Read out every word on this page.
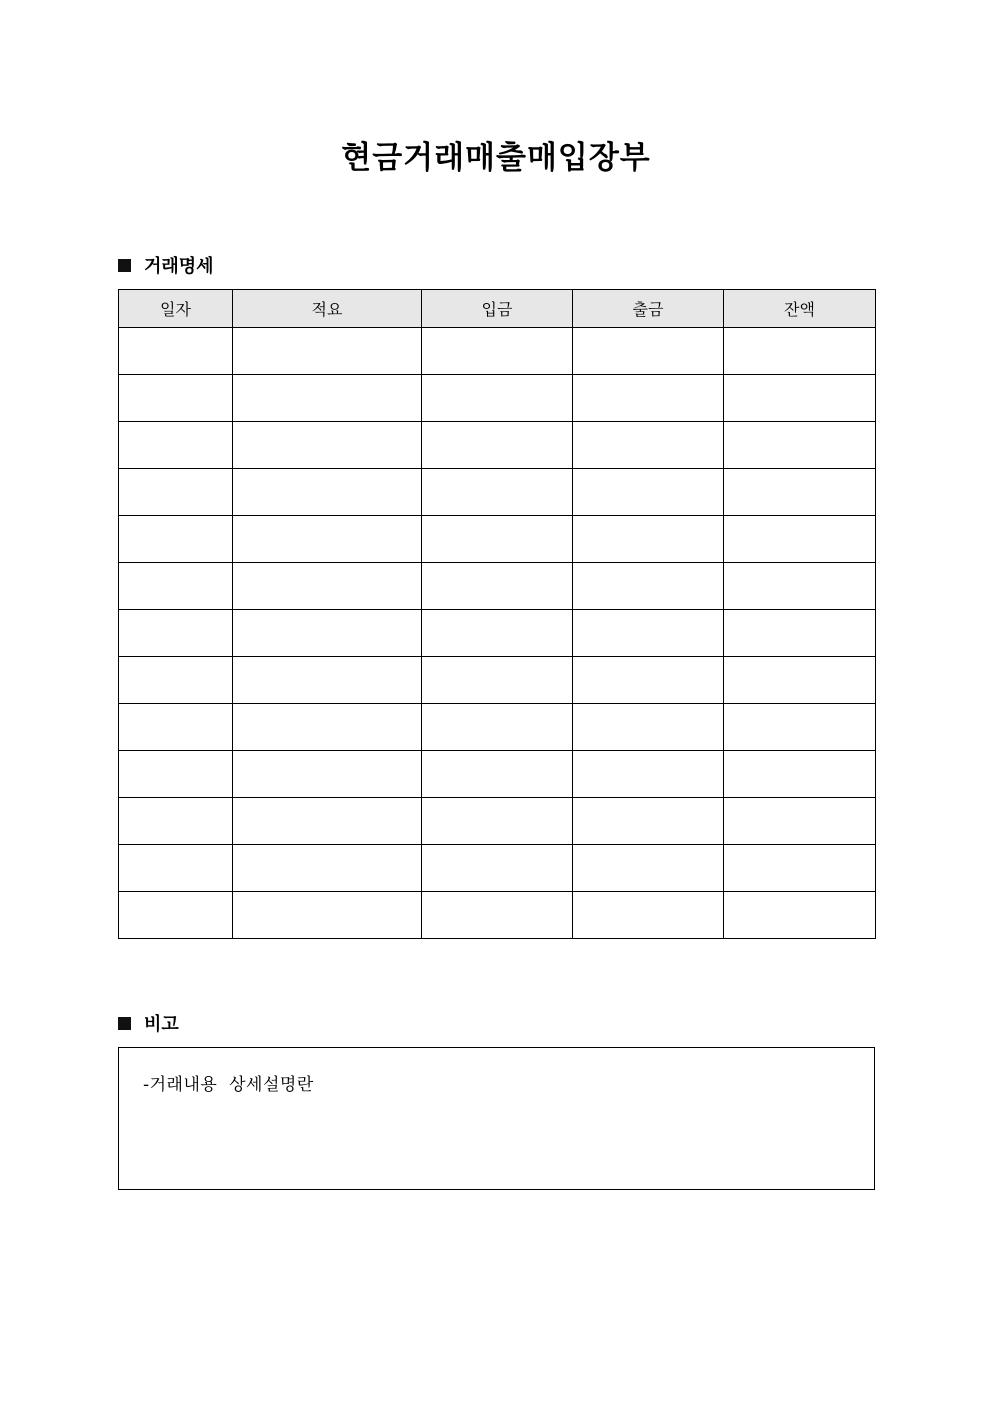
현금거래매출매입장부
거래명세
일자	적요	입금	출금	잔액

비고
-거래내용  상세설명란
